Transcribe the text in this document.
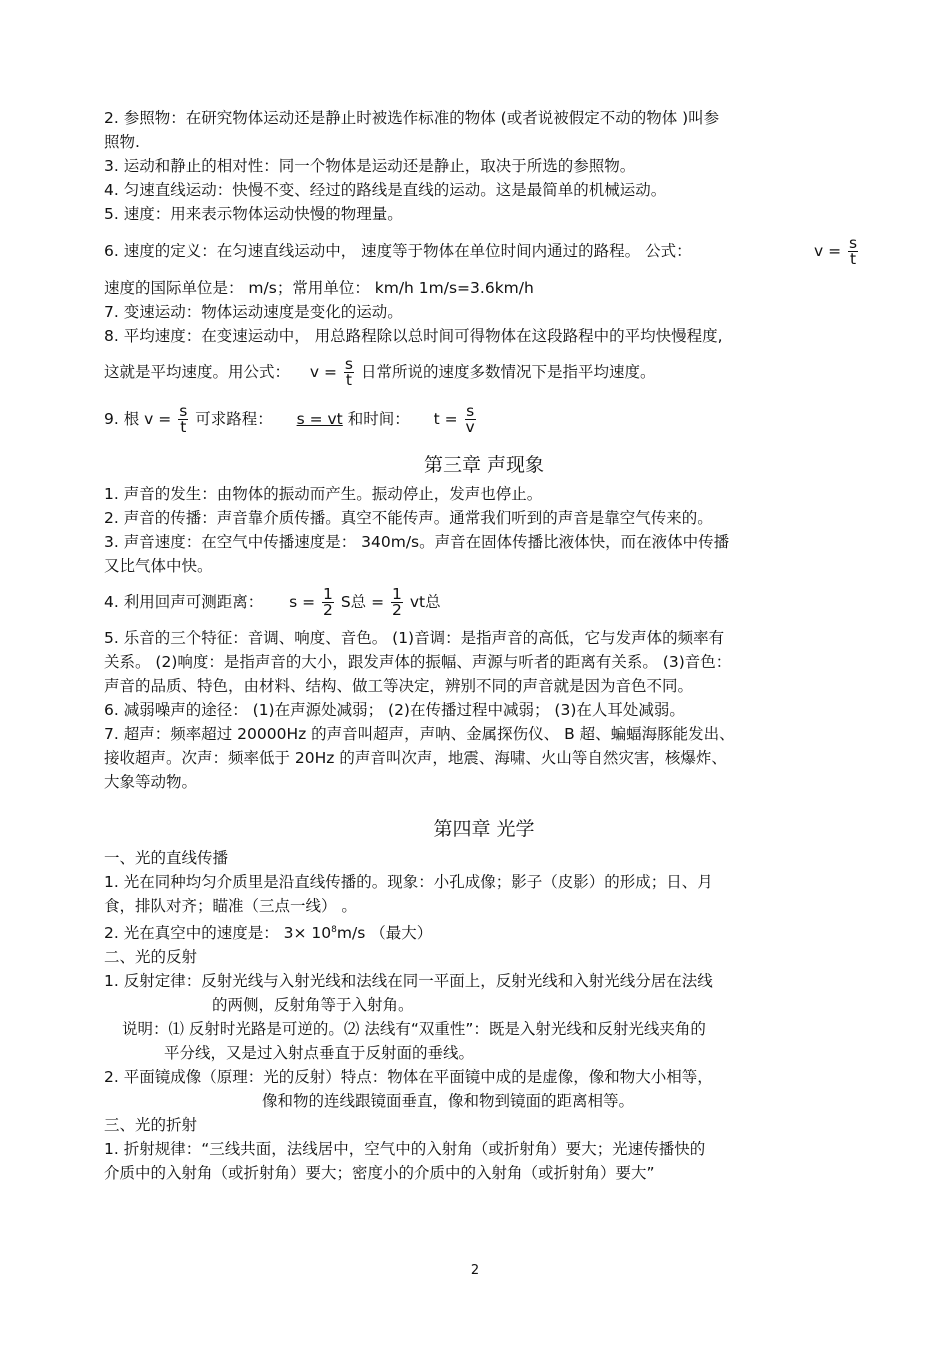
2. 参照物：在研究物体运动还是静止时被选作标准的物体 (或者说被假定不动的物体 )叫参
照物.
3. 运动和静止的相对性：同一个物体是运动还是静止，取决于所选的参照物。
4. 匀速直线运动：快慢不变、经过的路线是直线的运动。这是最简单的机械运动。
5. 速度：用来表示物体运动快慢的物理量。
6. 速度的定义：在匀速直线运动中， 速度等于物体在单位时间内通过的路程。 公式：	$v = \frac{s}{t}$
速度的国际单位是： m/s；常用单位： km/h 1m/s=3.6km/h
7. 变速运动：物体运动速度是变化的运动。
8. 平均速度：在变速运动中， 用总路程除以总时间可得物体在这段路程中的平均快慢程度,
这就是平均速度。用公式： $v = \frac{s}{t}$ 日常所说的速度多数情况下是指平均速度。
9. 根 $v = \frac{s}{t}$ 可求路程： s = vt 和时间： $t = \frac{s}{v}$
第三章 声现象
1. 声音的发生：由物体的振动而产生。振动停止，发声也停止。
2. 声音的传播：声音靠介质传播。真空不能传声。通常我们听到的声音是靠空气传来的。
3. 声音速度：在空气中传播速度是： 340m/s。声音在固体传播比液体快，而在液体中传播
又比气体中快。
4. 利用回声可测距离： $s = \frac{1}{2}$ S总 = $\frac{1}{2}$ vt总
5. 乐音的三个特征：音调、响度、音色。 (1)音调：是指声音的高低，它与发声体的频率有
关系。 (2)响度：是指声音的大小，跟发声体的振幅、声源与听者的距离有关系。 (3)音色：
声音的品质、特色，由材料、结构、做工等决定，辨别不同的声音就是因为音色不同。
6. 减弱噪声的途径： (1)在声源处减弱； (2)在传播过程中减弱； (3)在人耳处减弱。
7. 超声：频率超过 20000Hz 的声音叫超声，声呐、金属探伤仪、 B 超、蝙蝠海豚能发出、
接收超声。次声：频率低于 20Hz 的声音叫次声，地震、海啸、火山等自然灾害，核爆炸、
大象等动物。
第四章 光学
一、光的直线传播
1. 光在同种均匀介质里是沿直线传播的。现象：小孔成像；影子（皮影）的形成；日、月
食，排队对齐；瞄准（三点一线） 。
2. 光在真空中的速度是： $3\times 10^8m/s$ （最大）
二、光的反射
1. 反射定律：反射光线与入射光线和法线在同一平面上，反射光线和入射光线分居在法线
的两侧，反射角等于入射角。
说明：⑴ 反射时光路是可逆的。⑵ 法线有“双重性”：既是入射光线和反射光线夹角的
平分线，又是过入射点垂直于反射面的垂线。
2. 平面镜成像（原理：光的反射）特点：物体在平面镜中成的是虚像，像和物大小相等，
像和物的连线跟镜面垂直，像和物到镜面的距离相等。
三、光的折射
1. 折射规律：“三线共面，法线居中，空气中的入射角（或折射角）要大；光速传播快的
介质中的入射角（或折射角）要大；密度小的介质中的入射角（或折射角）要大”
2
